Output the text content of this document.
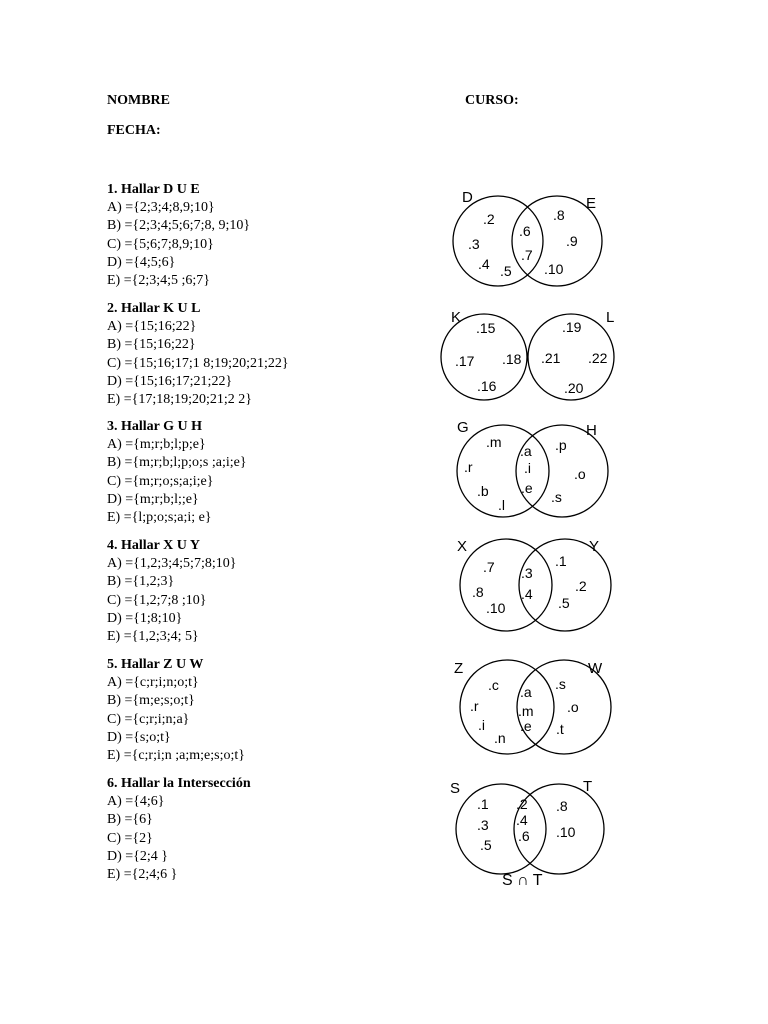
NOMBRE	CURSO:
FECHA:
1. Hallar D U E
A) ={2;3;4;8,9;10}
B) ={2;3;4;5;6;7;8, 9;10}
C) ={5;6;7;8,9;10}
D) ={4;5;6}
E) ={2;3;4;5 ;6;7}
D	E
.2
.3
.4 .5
.6
.7
.8
.9
.10
2. Hallar K U L
A) ={15;16;22}
B) ={15;16;22}
C) ={15;16;17;1 8;19;20;21;22}
D) ={15;16;17;21;22}
E) ={17;18;19;20;21;2 2}
K	L
.15
.17 .18
.16
.19
.21 .22
.20
3. Hallar G U H
A) ={m;r;b;l;p;e}
B) ={m;r;b;l;p;o;s ;a;i;e}
C) ={m;r;o;s;a;i;e}
D) ={m;r;b;l;;e}
E) ={l;p;o;s;a;i; e}
G	H
.m
.r
.b
.l
.a
.i
.e
.p
.o
.s
4. Hallar X U Y
A) ={1,2;3;4;5;7;8;10}
B) ={1,2;3}
C) ={1,2;7;8 ;10}
D) ={1;8;10}
E) ={1,2;3;4; 5}
X	Y
.7
.8
.10
.3
.4
.1
.2
.5
5. Hallar Z U W
A) ={c;r;i;n;o;t}
B) ={m;e;s;o;t}
C) ={c;r;i;n;a}
D) ={s;o;t}
E) ={c;r;i;n ;a;m;e;s;o;t}
Z	W
.c
.r
.i
.n
.a
.m
.e
.s
.o
.t
6. Hallar la Intersección
A) ={4;6}
B) ={6}
C) ={2}
D) ={2;4 }
E) ={2;4;6 }
S	T
.1
.3
.5
.2
.4
.6
.8
.10
S ∩ T
